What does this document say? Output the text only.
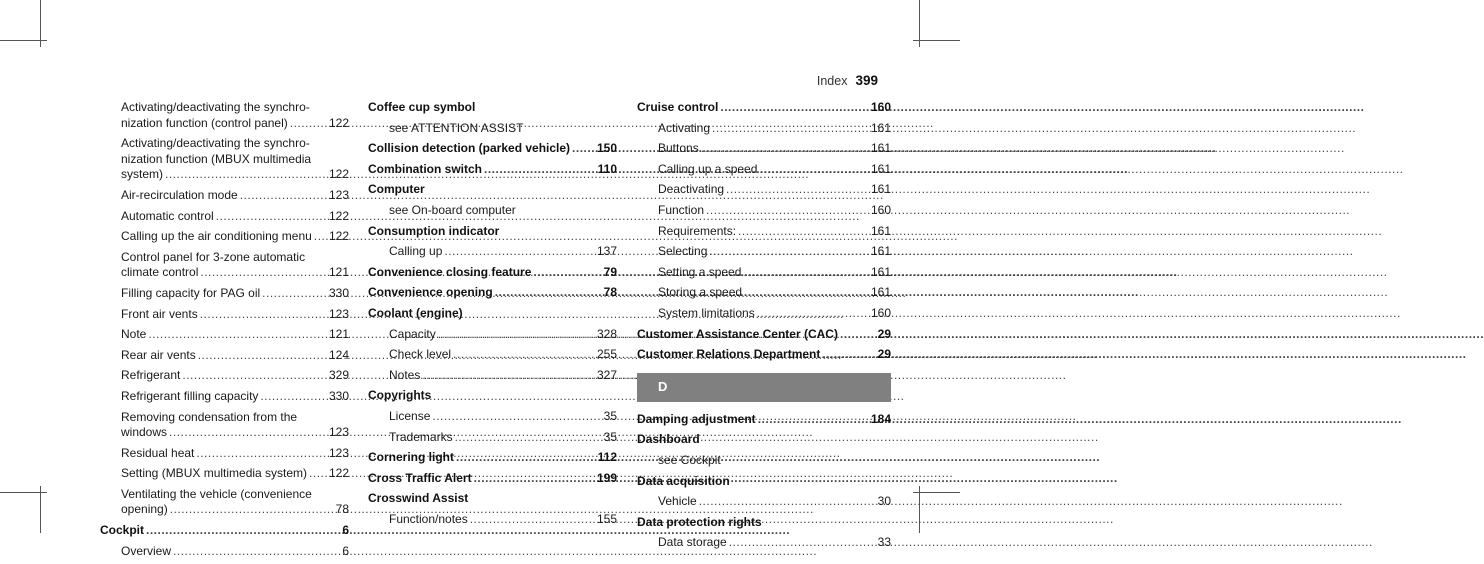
Index 399
Activating/deactivating the synchro-
nization function (control panel) .....	122
Activating/deactivating the synchro-
nization function (MBUX multimedia
system) .....	122
Air-recirculation mode .....	123
Automatic control .....	122
Calling up the air conditioning menu ..... 122
Control panel for 3-zone automatic
climate control .....	121
Filling capacity for PAG oil .....	330
Front air vents .....	123
Note .....	121
Rear air vents .....	124
Refrigerant .....	329
Refrigerant filling capacity .....	330
Removing condensation from the
windows .....	123
Residual heat .....	123
Setting (MBUX multimedia system) ..... 122
Ventilating the vehicle (convenience
opening) .....	78
Cockpit .....	6
Overview .....	6
Coffee cup symbol
see ATTENTION ASSIST
Collision detection (parked vehicle) ..... 150
Combination switch .....	110
Computer
see On-board computer
Consumption indicator
Calling up .....	137
Convenience closing feature .....	79
Convenience opening .....	78
Coolant (engine)
Capacity .....	328
Check level .....	255
Notes .....	327
Copyrights
License .....	35
Trademarks .....	35
Cornering light .....	112
Cross Traffic Alert .....	199
Crosswind Assist
Function/notes .....	155
Cruise control .....	160
Activating .....	161
Buttons .....	161
Calling up a speed .....	161
Deactivating .....	161
Function .....	160
Requirements: .....	161
Selecting .....	161
Setting a speed .....	161
Storing a speed .....	161
System limitations .....	160
Customer Assistance Center (CAC) .....	29
Customer Relations Department .....	29
D
Damping adjustment .....	184
Dashboard
see Cockpit
Data acquisition
Vehicle .....	30
Data protection rights
Data storage .....	33
